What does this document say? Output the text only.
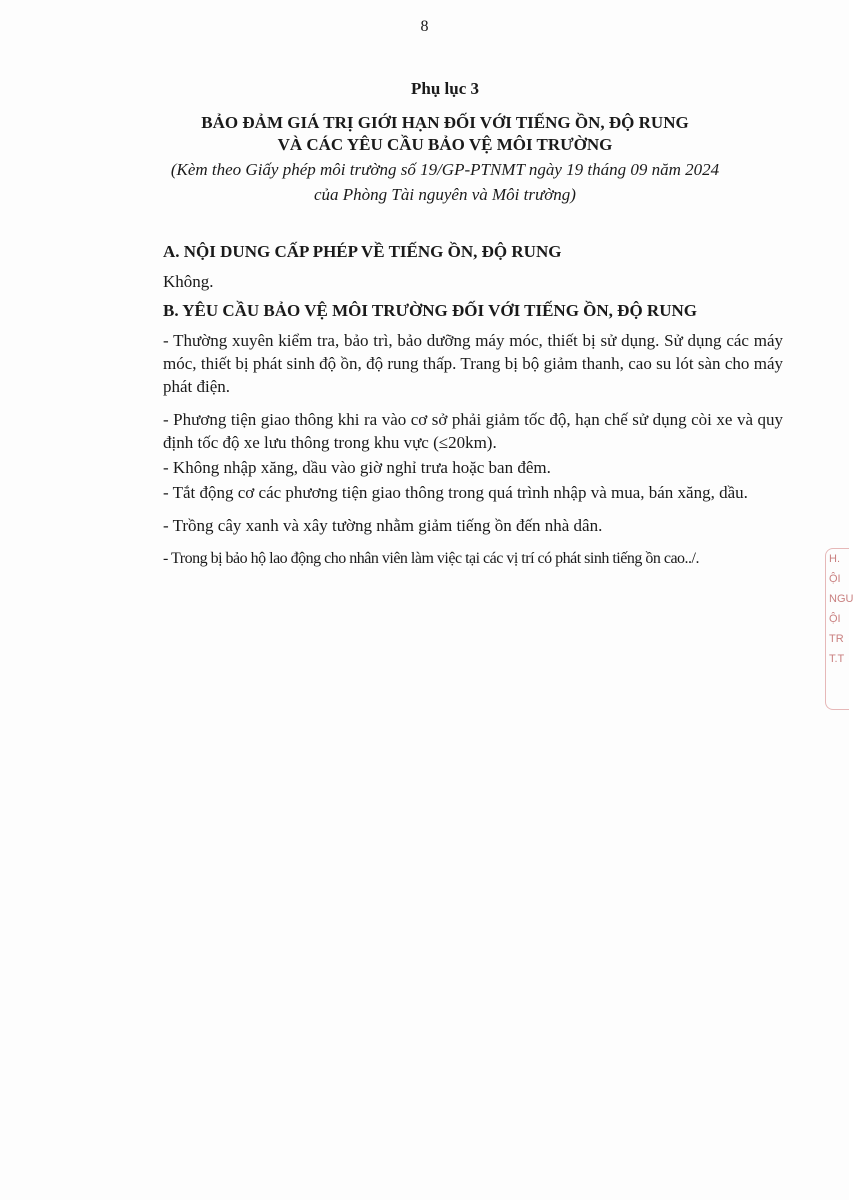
8

Phụ lục 3

BẢO ĐẢM GIÁ TRỊ GIỚI HẠN ĐỐI VỚI TIẾNG ỒN, ĐỘ RUNG

VÀ CÁC YÊU CẦU BẢO VỆ MÔI TRƯỜNG

(Kèm theo Giấy phép môi trường số 19/GP-PTNMT ngày 19 tháng 09 năm 2024

của Phòng Tài nguyên và Môi trường)

A. NỘI DUNG CẤP PHÉP VỀ TIẾNG ỒN, ĐỘ RUNG

Không.

B. YÊU CẦU BẢO VỆ MÔI TRƯỜNG ĐỐI VỚI TIẾNG ỒN, ĐỘ RUNG

- Thường xuyên kiểm tra, bảo trì, bảo dưỡng máy móc, thiết bị sử dụng. Sử dụng các máy móc, thiết bị phát sinh độ ồn, độ rung thấp. Trang bị bộ giảm thanh, cao su lót sàn cho máy phát điện.

- Phương tiện giao thông khi ra vào cơ sở phải giảm tốc độ, hạn chế sử dụng còi xe và quy định tốc độ xe lưu thông trong khu vực (≤20km).

- Không nhập xăng, dầu vào giờ nghỉ trưa hoặc ban đêm.

- Tắt động cơ các phương tiện giao thông trong quá trình nhập và mua, bán xăng, dầu.

- Trồng cây xanh và xây tường nhằm giảm tiếng ồn đến nhà dân.

- Trong bị bảo hộ lao động cho nhân viên làm việc tại các vị trí có phát sinh tiếng ồn cao../.	H.
ỘI
NGU
ỘI TR
T.T
